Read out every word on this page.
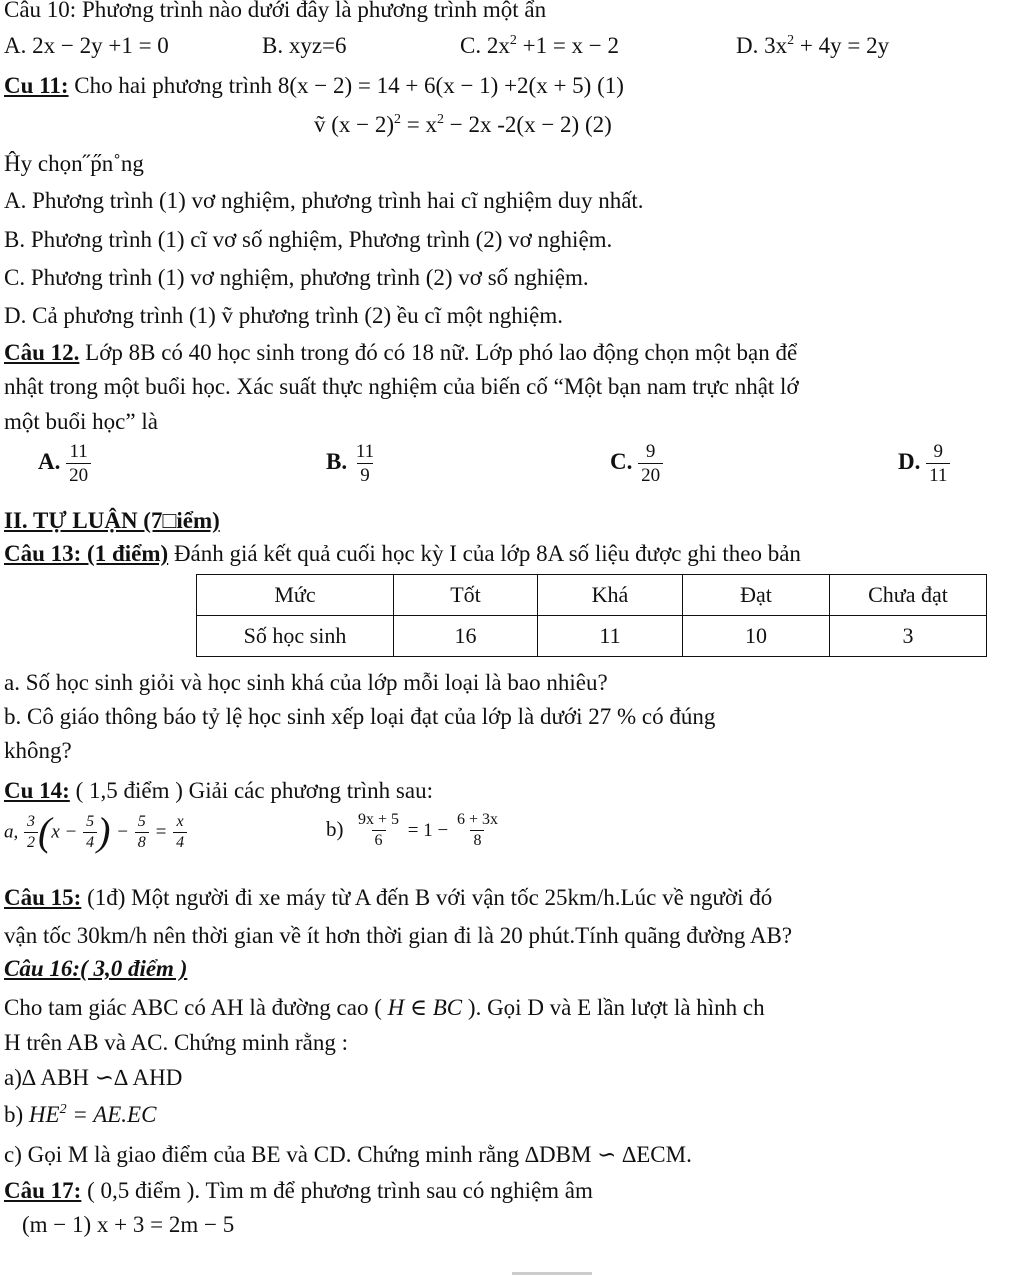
Câu 10: Phương trình nào dưới đây là phương trình một ẩn
A. 2x − 2y +1 = 0	B. xyz=6	C. $2x^2 +1 = x - 2$	D. $3x^2 + 4y = 2y$
Cu 11: Cho hai phương trình 8(x − 2) = 14 + 6(x − 1) +2(x + 5) (1)
ṽ $(x - 2)^2 = x^2 - 2x$ -2(x − 2) (2)
Ĥy chọn˝p̋n˚ng
A. Phương trình (1) vơ nghiệm, phương trình hai cĩ nghiệm duy nhất.
B. Phương trình (1) cĩ vơ số nghiệm, Phương trình (2) vơ nghiệm.
C. Phương trình (1) vơ nghiệm, phương trình (2) vơ số nghiệm.
D. Cả phương trình (1) ṽ phương trình (2) ều cĩ một nghiệm.
Câu 12. Lớp 8B có 40 học sinh trong đó có 18 nữ. Lớp phó lao động chọn một bạn để
nhật trong một buổi học. Xác suất thực nghiệm của biến cố “Một bạn nam trực nhật lớ
một buổi học” là
A. $\frac{11}{20}$	B. $\frac{11}{9}$	C. $\frac{9}{20}$	D. $\frac{9}{11}$
II. TỰ LUẬN (7□iểm)
Câu 13: (1 điểm) Đánh giá kết quả cuối học kỳ I của lớp 8A số liệu được ghi theo bản
Mức	Tốt	Khá	Đạt	Chưa đạt
Số học sinh	16	11	10	3
a. Số học sinh giỏi và học sinh khá của lớp mỗi loại là bao nhiêu?
b. Cô giáo thông báo tỷ lệ học sinh xếp loại đạt của lớp là dưới 27 % có đúng
không?
Cu 14: ( 1,5 điểm ) Giải các phương trình sau:
a, $\frac{3}{2} (x - \frac{5}{4}$ ) − $\frac{5}{8} = \frac{x}{4}$	$b) \frac{9x + 5}{6} = 1 - \frac{6 + 3x}{8}$
Câu 15: (1đ) Một người đi xe máy từ A đến B với vận tốc 25km/h.Lúc về người đó
vận tốc 30km/h nên thời gian về ít hơn thời gian đi là 20 phút.Tính quãng đường AB?
Câu 16:( 3,0 điểm )
Cho tam giác ABC có AH là đường cao ( H ∈ BC ). Gọi D và E lần lượt là hình ch
H trên AB và AC. Chứng minh rằng :
a)∆ ABH ∽∆ AHD
b) $HE^2 = AE.EC$
c) Gọi M là giao điểm của BE và CD. Chứng minh rằng ∆DBM ∽ ∆ECM.
Câu 17: ( 0,5 điểm ). Tìm m để phương trình sau có nghiệm âm
(m − 1) x + 3 = 2m − 5
